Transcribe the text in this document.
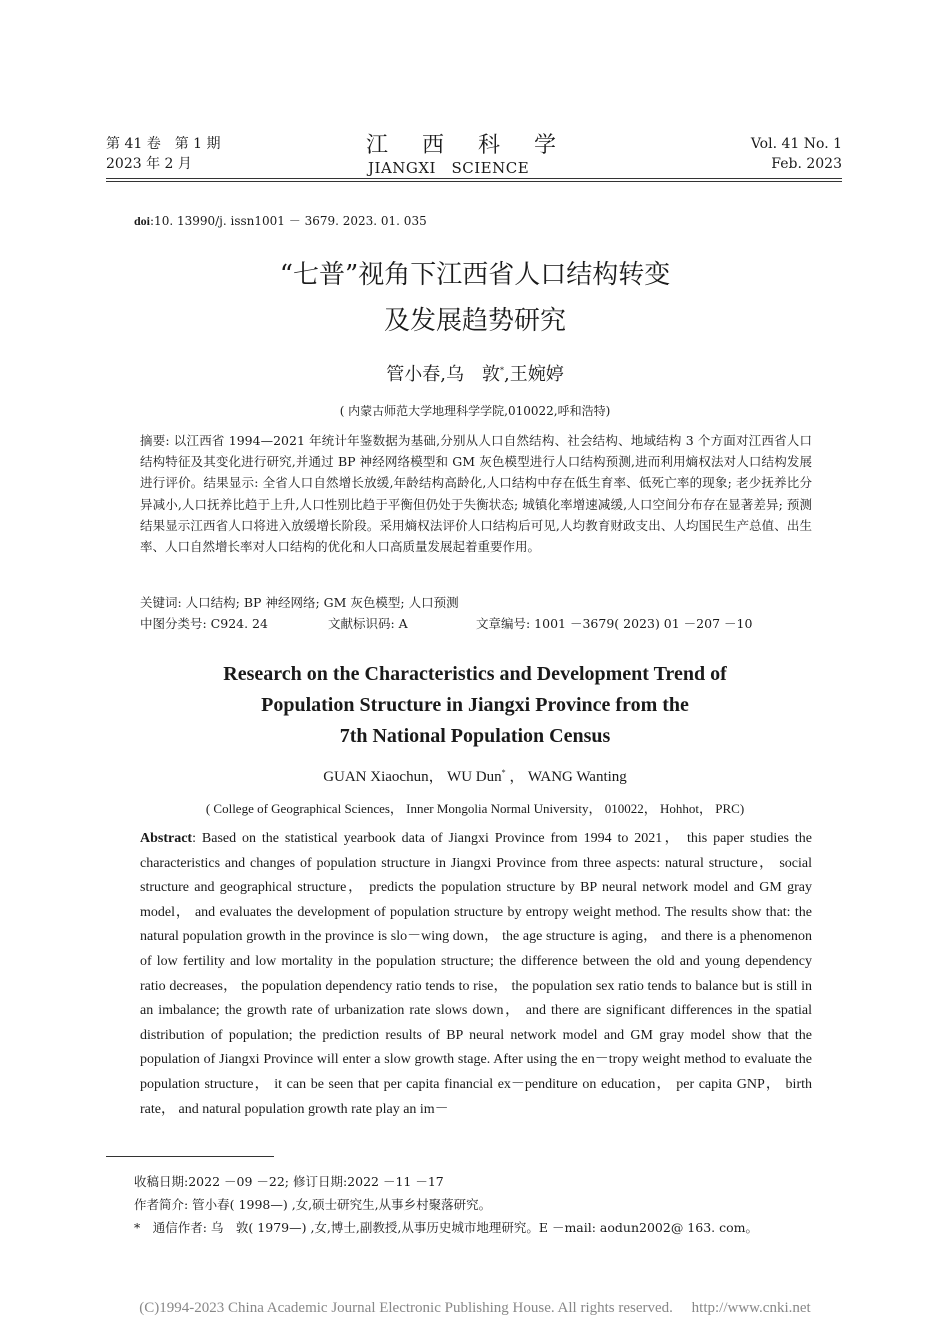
第 41 卷　第 1 期
2023 年 2 月
江西科学
JIANGXI　SCIENCE
Vol. 41 No. 1
Feb. 2023
doi:10. 13990/j. issn1001 － 3679. 2023. 01. 035
“七普”视角下江西省人口结构转变
及发展趋势研究
管小春,乌　敦*,王婉婷
( 内蒙古师范大学地理科学学院,010022,呼和浩特)
摘要: 以江西省 1994—2021 年统计年鉴数据为基础,分别从人口自然结构、社会结构、地域结构 3 个方面对江西省人口结构特征及其变化进行研究,并通过 BP 神经网络模型和 GM 灰色模型进行人口结构预测,进而利用熵权法对人口结构发展进行评价。结果显示: 全省人口自然增长放缓,年龄结构高龄化,人口结构中存在低生育率、低死亡率的现象; 老少抚养比分异减小,人口抚养比趋于上升,人口性别比趋于平衡但仍处于失衡状态; 城镇化率增速减缓,人口空间分布存在显著差异; 预测结果显示江西省人口将进入放缓增长阶段。采用熵权法评价人口结构后可见,人均教育财政支出、人均国民生产总值、出生率、人口自然增长率对人口结构的优化和人口高质量发展起着重要作用。
关键词: 人口结构; BP 神经网络; GM 灰色模型; 人口预测
中图分类号: C924. 24	文献标识码: A	文章编号: 1001 －3679( 2023) 01 －207 －10
Research on the Characteristics and Development Trend of
Population Structure in Jiangxi Province from the
7th National Population Census
GUAN Xiaochun， WU Dun* ， WANG Wanting
( College of Geographical Sciences， Inner Mongolia Normal University， 010022， Hohhot， PRC)
Abstract: Based on the statistical yearbook data of Jiangxi Province from 1994 to 2021， this paper studies the characteristics and changes of population structure in Jiangxi Province from three aspects: natural structure， social structure and geographical structure， predicts the population structure by BP neural network model and GM gray model， and evaluates the development of population structure by entropy weight method. The results show that: the natural population growth in the province is slo－wing down， the age structure is aging， and there is a phenomenon of low fertility and low mortality in the population structure; the difference between the old and young dependency ratio decreases， the population dependency ratio tends to rise， the population sex ratio tends to balance but is still in an imbalance; the growth rate of urbanization rate slows down， and there are significant differences in the spatial distribution of population; the prediction results of BP neural network model and GM gray model show that the population of Jiangxi Province will enter a slow growth stage. After using the en－tropy weight method to evaluate the population structure， it can be seen that per capita financial ex－penditure on education， per capita GNP， birth rate， and natural population growth rate play an im－
收稿日期:2022 －09 －22; 修订日期:2022 －11 －17
作者简介: 管小春( 1998—) ,女,硕士研究生,从事乡村聚落研究。
*　通信作者: 乌　敦( 1979—) ,女,博士,副教授,从事历史城市地理研究。E －mail: aodun2002@ 163. com。
(C)1994-2023 China Academic Journal Electronic Publishing House. All rights reserved.　 http://www.cnki.net
